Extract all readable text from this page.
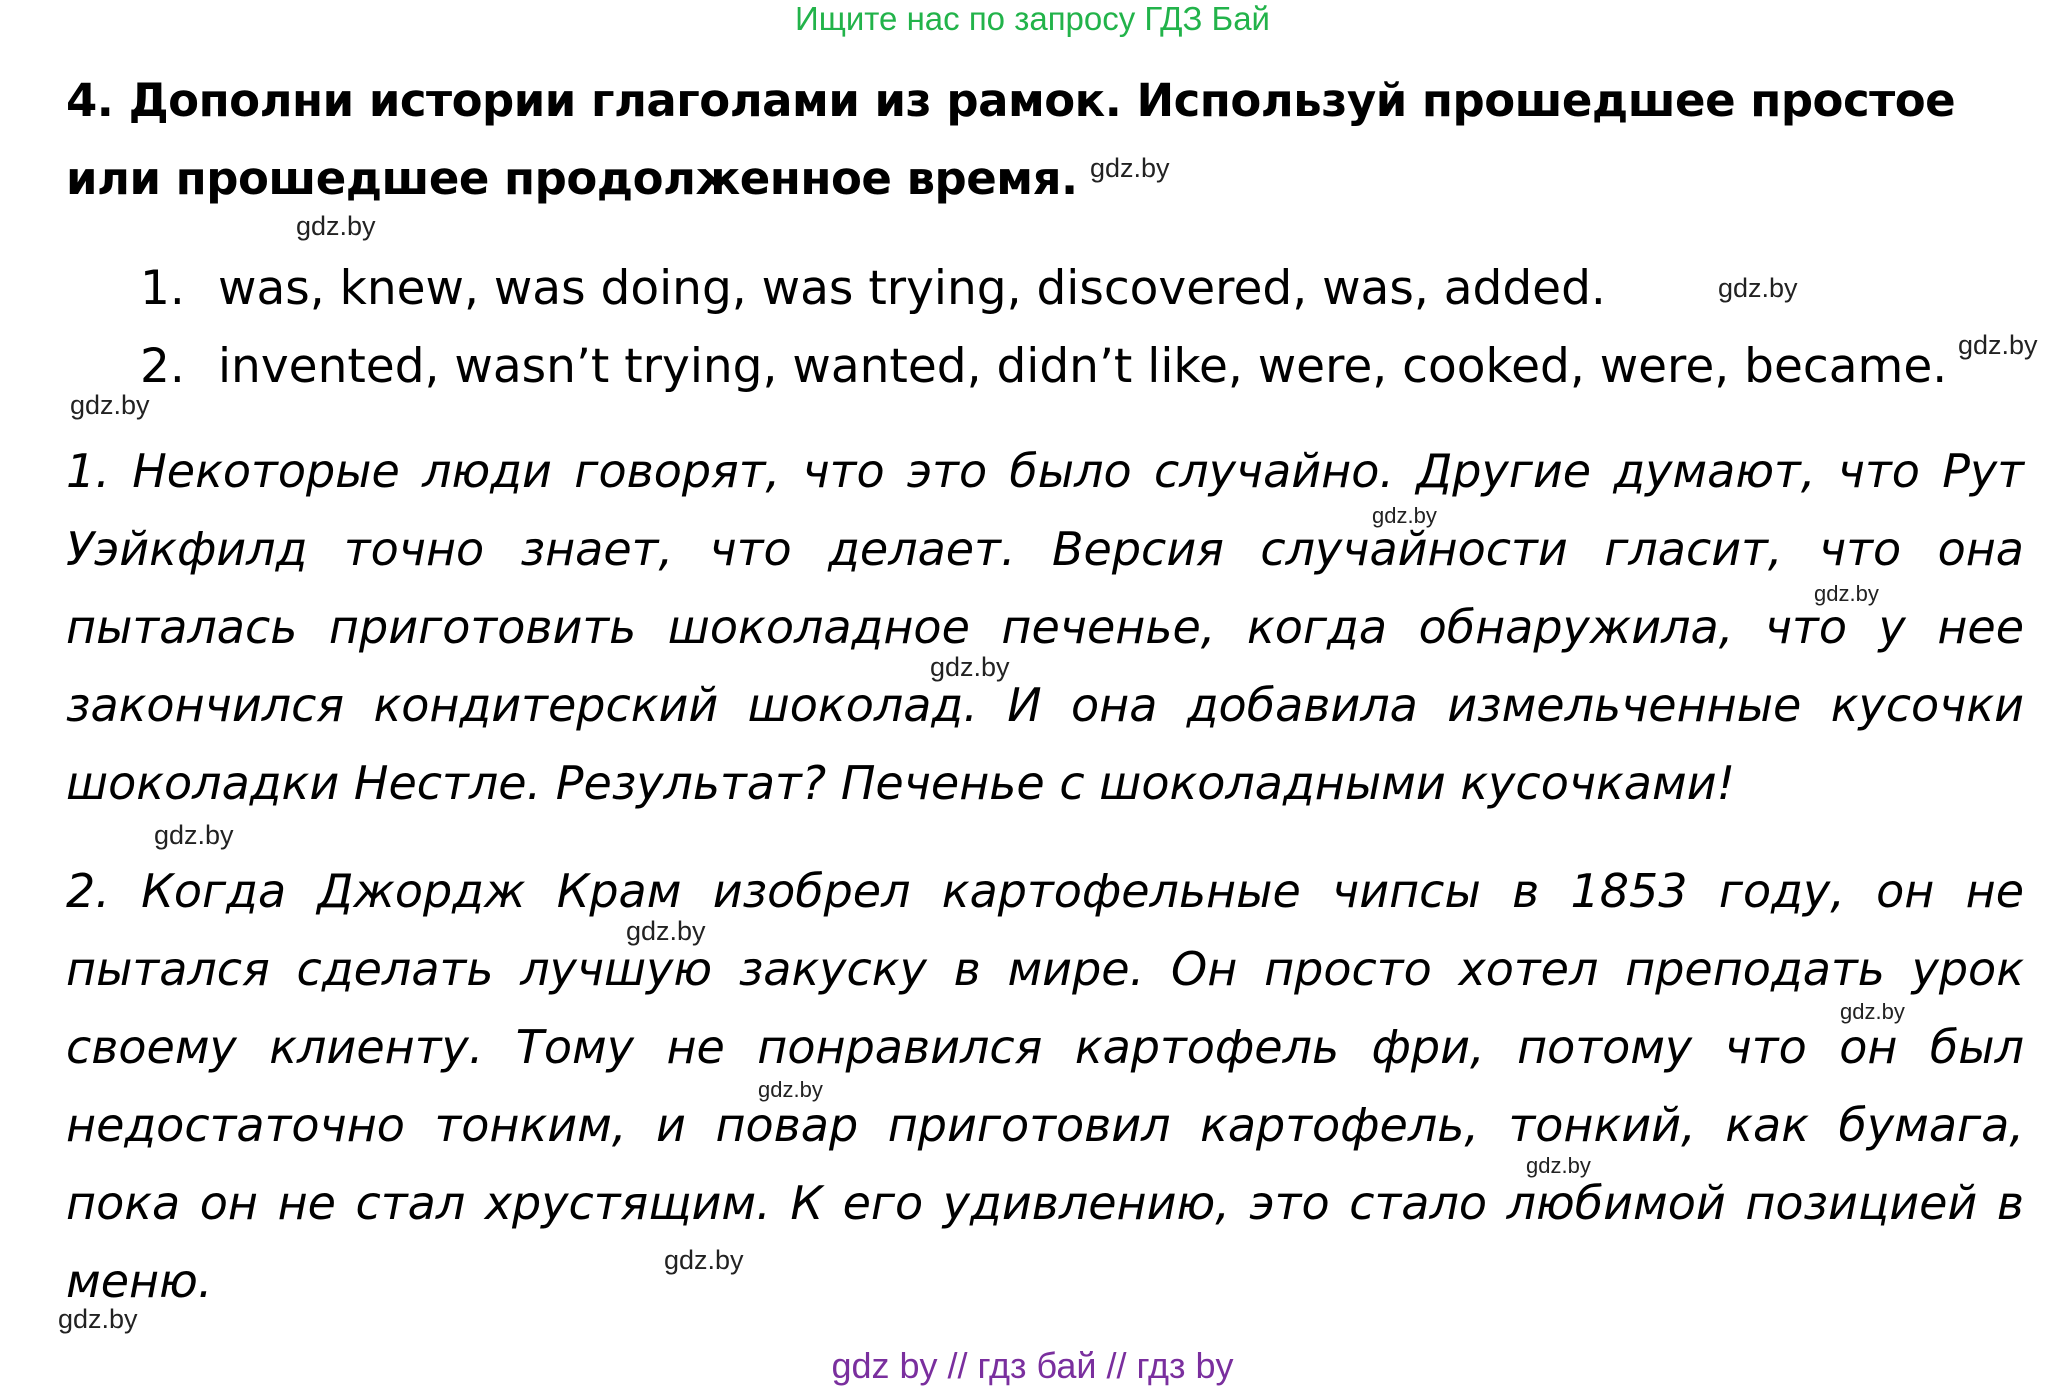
Ищите нас по запросу ГДЗ Бай
4. Дополни истории глаголами из рамок. Используй прошедшее простое или прошедшее продолженное время.
1. was, knew, was doing, was trying, discovered, was, added.
2. invented, wasn’t trying, wanted, didn’t like, were, cooked, were, became.

1. Некоторые люди говорят, что это было случайно. Другие думают, что Рут Уэйкфилд точно знает, что делает. Версия случайности гласит, что она пыталась приготовить шоколадное печенье, когда обнаружила, что у нее закончился кондитерский шоколад. И она добавила измельченные кусочки шоколадки Нестле. Результат? Печенье с шоколадными кусочками!

2. Когда Джордж Крам изобрел картофельные чипсы в 1853 году, он не пытался сделать лучшую закуску в мире. Он просто хотел преподать урок своему клиенту. Тому не понравился картофель фри, потому что он был недостаточно тонким, и повар приготовил картофель, тонкий, как бумага, пока он не стал хрустящим. К его удивлению, это стало любимой позицией в меню.

gdz.by
gdz.by
gdz.by
gdz.by
gdz.by
gdz.by
gdz.by
gdz.by
gdz.by
gdz.by
gdz.by
gdz.by
gdz.by
gdz.by
gdz.by
gdz by // гдз бай // гдз by
